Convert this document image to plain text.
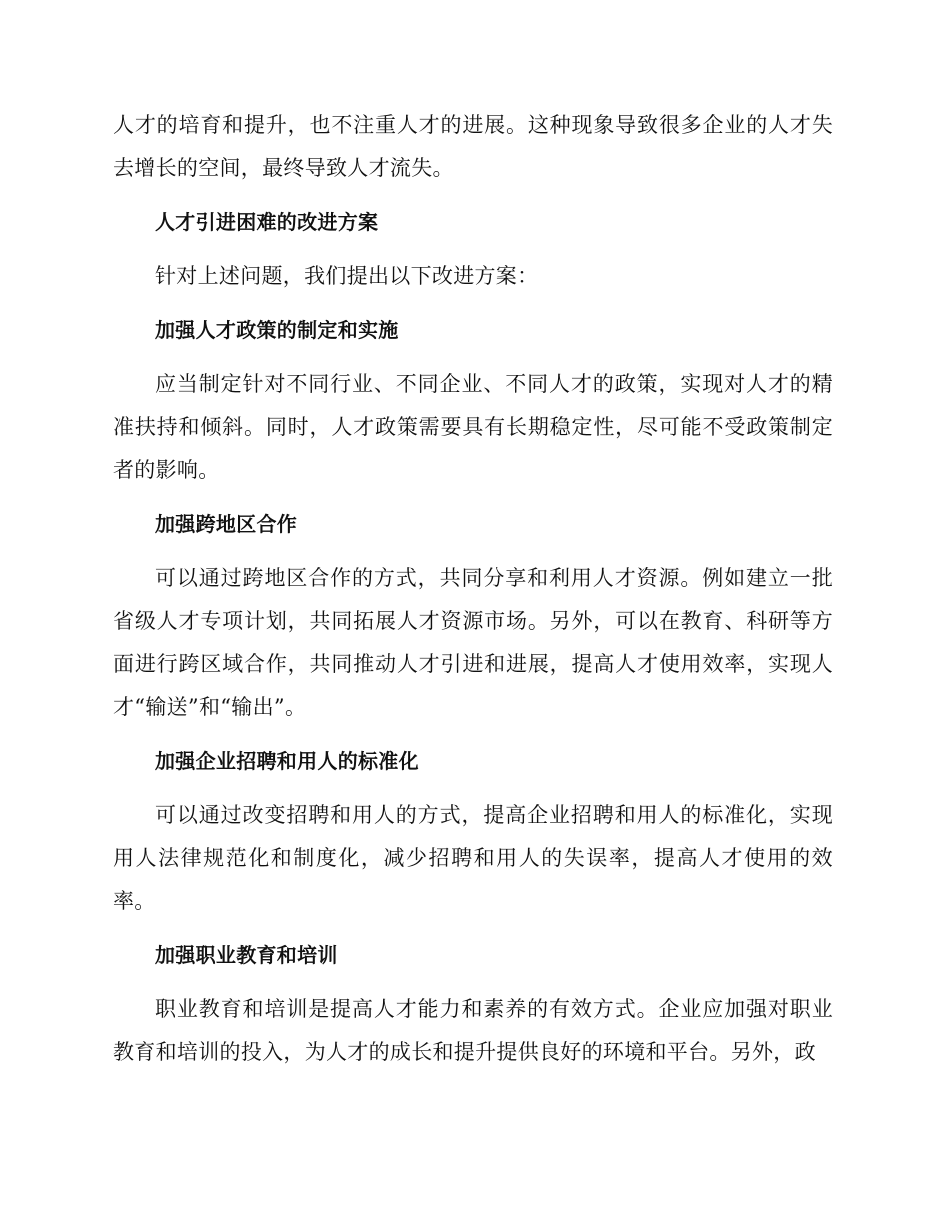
人才的培育和提升，也不注重人才的进展。这种现象导致很多企业的人才失去增长的空间，最终导致人才流失。

人才引进困难的改进方案

针对上述问题，我们提出以下改进方案：

加强人才政策的制定和实施

应当制定针对不同行业、不同企业、不同人才的政策，实现对人才的精准扶持和倾斜。同时，人才政策需要具有长期稳定性，尽可能不受政策制定者的影响。

加强跨地区合作

可以通过跨地区合作的方式，共同分享和利用人才资源。例如建立一批省级人才专项计划，共同拓展人才资源市场。另外，可以在教育、科研等方面进行跨区域合作，共同推动人才引进和进展，提高人才使用效率，实现人才“输送”和“输出”。

加强企业招聘和用人的标准化

可以通过改变招聘和用人的方式，提高企业招聘和用人的标准化，实现用人法律规范化和制度化，减少招聘和用人的失误率，提高人才使用的效率。

加强职业教育和培训

职业教育和培训是提高人才能力和素养的有效方式。企业应加强对职业教育和培训的投入，为人才的成长和提升提供良好的环境和平台。另外，政
